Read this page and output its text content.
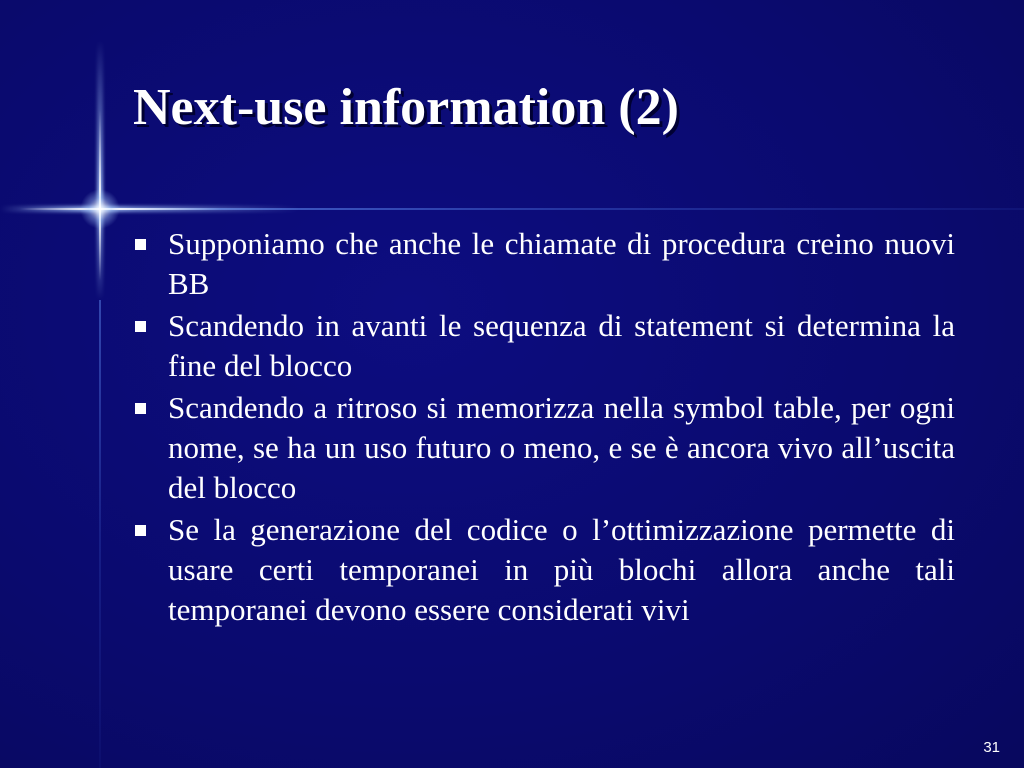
Next-use information (2)
Supponiamo che anche le chiamate di procedura creino nuovi BB
Scandendo in avanti le sequenza di statement si determina la fine del blocco
Scandendo a ritroso si memorizza nella symbol table, per ogni nome, se ha un uso futuro o meno, e se è ancora vivo all’uscita del blocco
Se la generazione del codice o l’ottimizzazione permette di usare certi temporanei in più blochi allora anche tali temporanei devono essere considerati vivi
31
